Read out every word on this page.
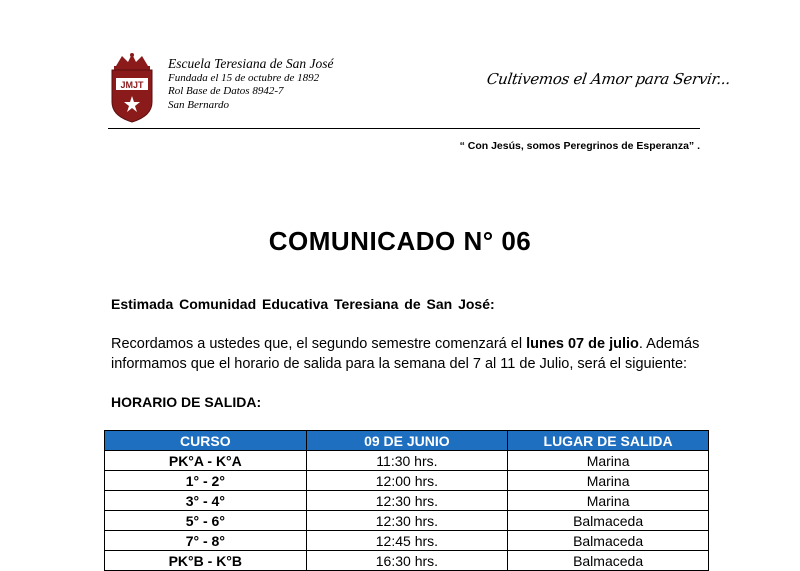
JMJT
Escuela Teresiana de San José
Fundada el 15 de octubre de 1892
Rol Base de Datos 8942-7
San Bernardo
Cultivemos el Amor para Servir...
“ Con Jesús, somos Peregrinos de Esperanza” .
COMUNICADO N° 06
Estimada Comunidad Educativa Teresiana de San José:
Recordamos a ustedes que, el segundo semestre comenzará el lunes 07 de julio. Además informamos que el horario de salida para la semana del 7 al 11 de Julio, será el siguiente:
HORARIO DE SALIDA:
CURSO	09 DE JUNIO	LUGAR DE SALIDA
PK°A - K°A	11:30 hrs.	Marina
1° - 2°	12:00 hrs.	Marina
3° - 4°	12:30 hrs.	Marina
5° - 6°	12:30 hrs.	Balmaceda
7° - 8°	12:45 hrs.	Balmaceda
PK°B - K°B	16:30 hrs.	Balmaceda
